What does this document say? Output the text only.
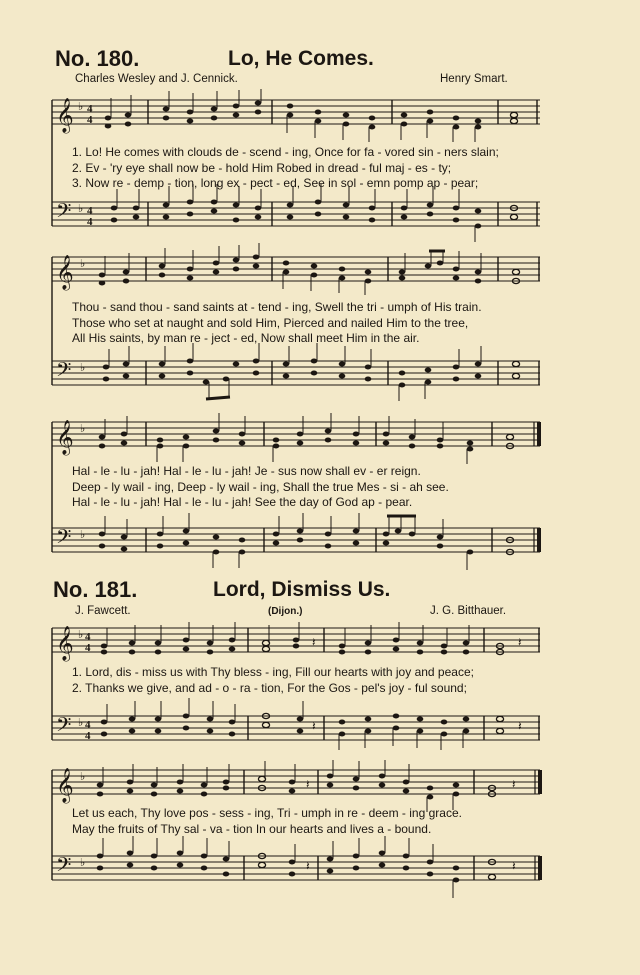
No. 180.	Lo, He Comes.
Charles Wesley and J. Cennick.	Henry Smart.
𝄞
𝄢
♭
♭
4
4
4
4
1. Lo! He comes with clouds de - scend - ing, Once for fa - vored sin - ners slain;
2. Ev - 'ry eye shall now be - hold Him Robed in dread - ful maj - es - ty;
3. Now re - demp - tion, long ex - pect - ed, See in sol - emn pomp ap - pear;
𝄞
𝄢
♭
♭
Thou - sand thou - sand saints at - tend - ing, Swell the tri - umph of His train.
Those who set at naught and sold Him, Pierced and nailed Him to the tree,
All His saints, by man re - ject - ed, Now shall meet Him in the air.
𝄞
𝄢
♭
♭
Hal - le - lu - jah! Hal - le - lu - jah! Je - sus now shall ev - er reign.
Deep - ly wail - ing, Deep - ly wail - ing, Shall the true Mes - si - ah see.
Hal - le - lu - jah! Hal - le - lu - jah! See the day of God ap - pear.
No. 181.	Lord, Dismiss Us.
J. Fawcett.	(Dijon.)	J. G. Bitthauer.
𝄞
𝄢
♭
♭
4
4
4
4
𝄽	𝄽
𝄽	𝄽
1. Lord, dis - miss us with Thy bless - ing, Fill our hearts with joy and peace;
2. Thanks we give, and ad - o - ra - tion, For the Gos - pel's joy - ful sound;
𝄞
𝄢
♭
♭
𝄽	𝄽
𝄽	𝄽
Let us each, Thy love pos - sess - ing, Tri - umph in re - deem - ing grace.
May the fruits of Thy sal - va - tion In our hearts and lives a - bound.
